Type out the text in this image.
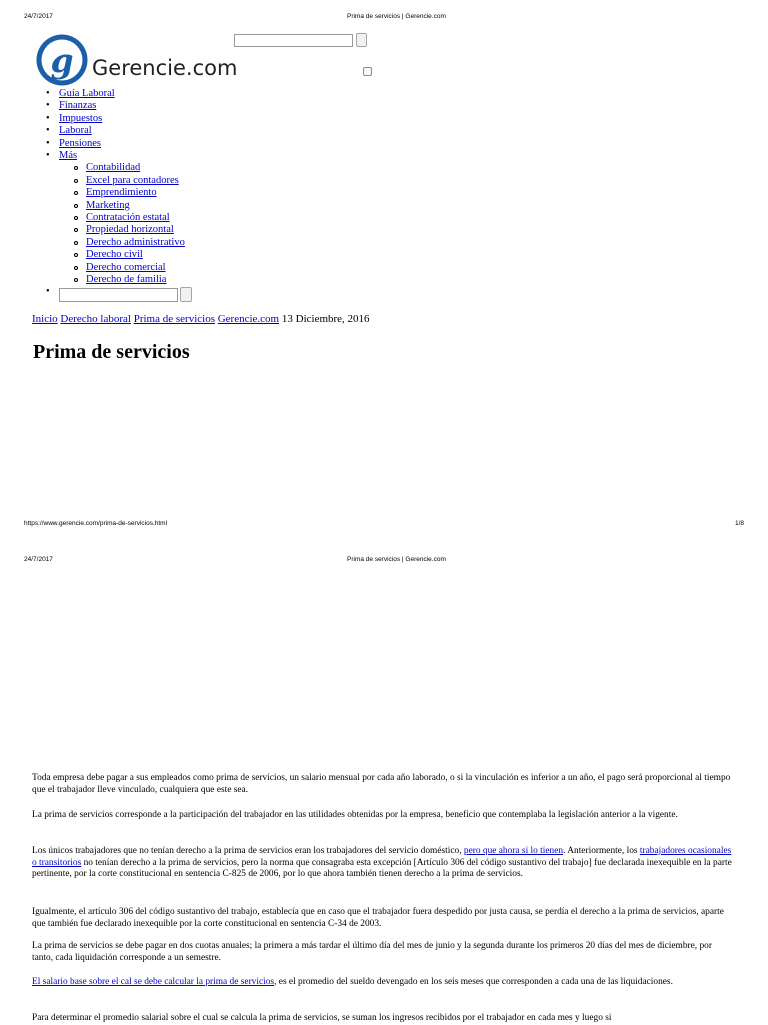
24/7/2017	Prima de servicios | Gerencie.com
g Gerencie.com
• Guía Laboral
• Finanzas
• Impuestos
• Laboral
• Pensiones
• Más
Contabilidad
Excel para contadores
Emprendimiento
Marketing
Contratación estatal
Propiedad horizontal
Derecho administrativo
Derecho civil
Derecho comercial
Derecho de familia
•
Inicio Derecho laboral Prima de servicios Gerencie.com 13 Diciembre, 2016
Prima de servicios
https://www.gerencie.com/prima-de-servicios.html	1/8
24/7/2017	Prima de servicios | Gerencie.com

Toda empresa debe pagar a sus empleados como prima de servicios, un salario mensual por cada año laborado, o si la vinculación es inferior a un año, el pago será proporcional al tiempo que el trabajador lleve vinculado, cualquiera que este sea.

La prima de servicios corresponde a la participación del trabajador en las utilidades obtenidas por la empresa, beneficio que contemplaba la legislación anterior a la vigente.

Los únicos trabajadores que no tenían derecho a la prima de servicios eran los trabajadores del servicio doméstico, pero que ahora si lo tienen. Anteriormente, los trabajadores ocasionales o transitorios no tenían derecho a la prima de servicios, pero la norma que consagraba esta excepción [Artículo 306 del código sustantivo del trabajo] fue declarada inexequible en la parte pertinente, por la corte constitucional en sentencia C-825 de 2006, por lo que ahora también tienen derecho a la prima de servicios.

Igualmente, el artículo 306 del código sustantivo del trabajo, establecía que en caso que el trabajador fuera despedido por justa causa, se perdía el derecho a la prima de servicios, aparte que también fue declarado inexequible por la corte constitucional en sentencia C-34 de 2003.

La prima de servicios se debe pagar en dos cuotas anuales; la primera a más tardar el último día del mes de junio y la segunda durante los primeros 20 días del mes de diciembre, por tanto, cada liquidación corresponde a un semestre.

El salario base sobre el cal se debe calcular la prima de servicios, es el promedio del sueldo devengado en los seis meses que corresponden a cada una de las liquidaciones.

Para determinar el promedio salarial sobre el cual se calcula la prima de servicios, se suman los ingresos recibidos por el trabajador en cada mes y luego si
